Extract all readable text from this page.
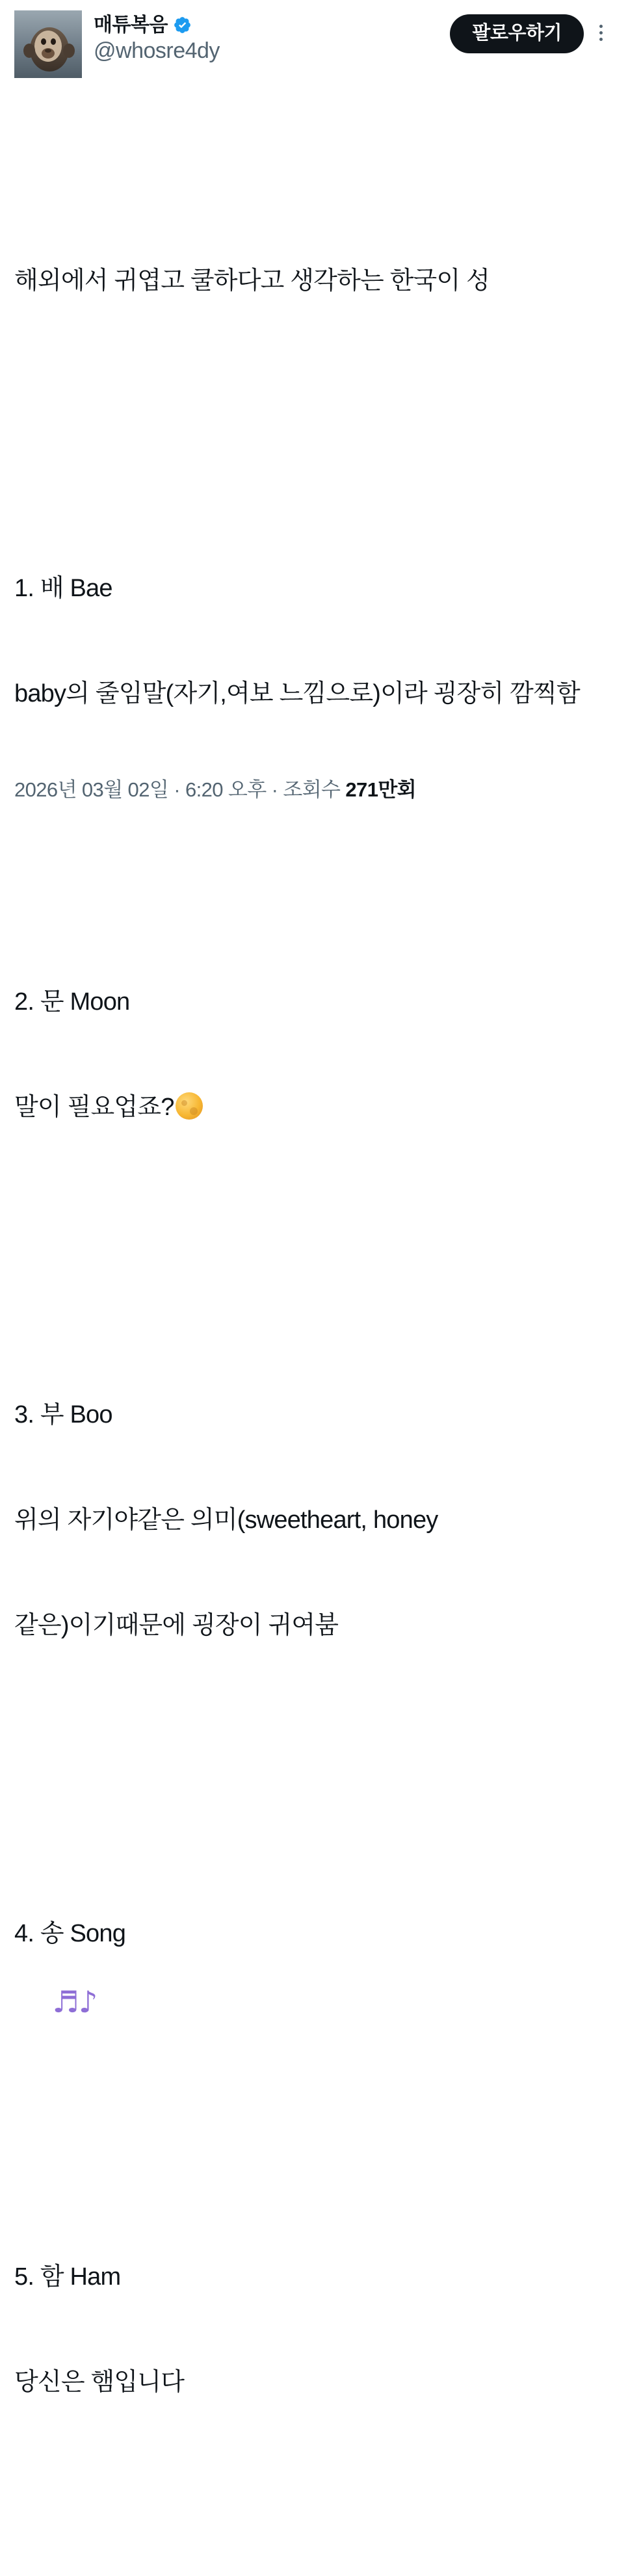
매튜복음
@whosre4dy
팔로우하기

해외에서 귀엽고 쿨하다고 생각하는 한국이 성

1. 배 Bae

baby의 줄임말(자기,여보 느낌으로)이라 굉장히 깜찍함

2. 문 Moon

말이 필요업죠?

3. 부 Boo

위의 자기야같은 의미(sweetheart, honey

같은)이기때문에 굉장이 귀여붐

4. 송 Song

♬♪

5. 함 Ham

당신은 햄입니다

2026년 03월 02일 · 6:20 오후 · 조회수 271만회
